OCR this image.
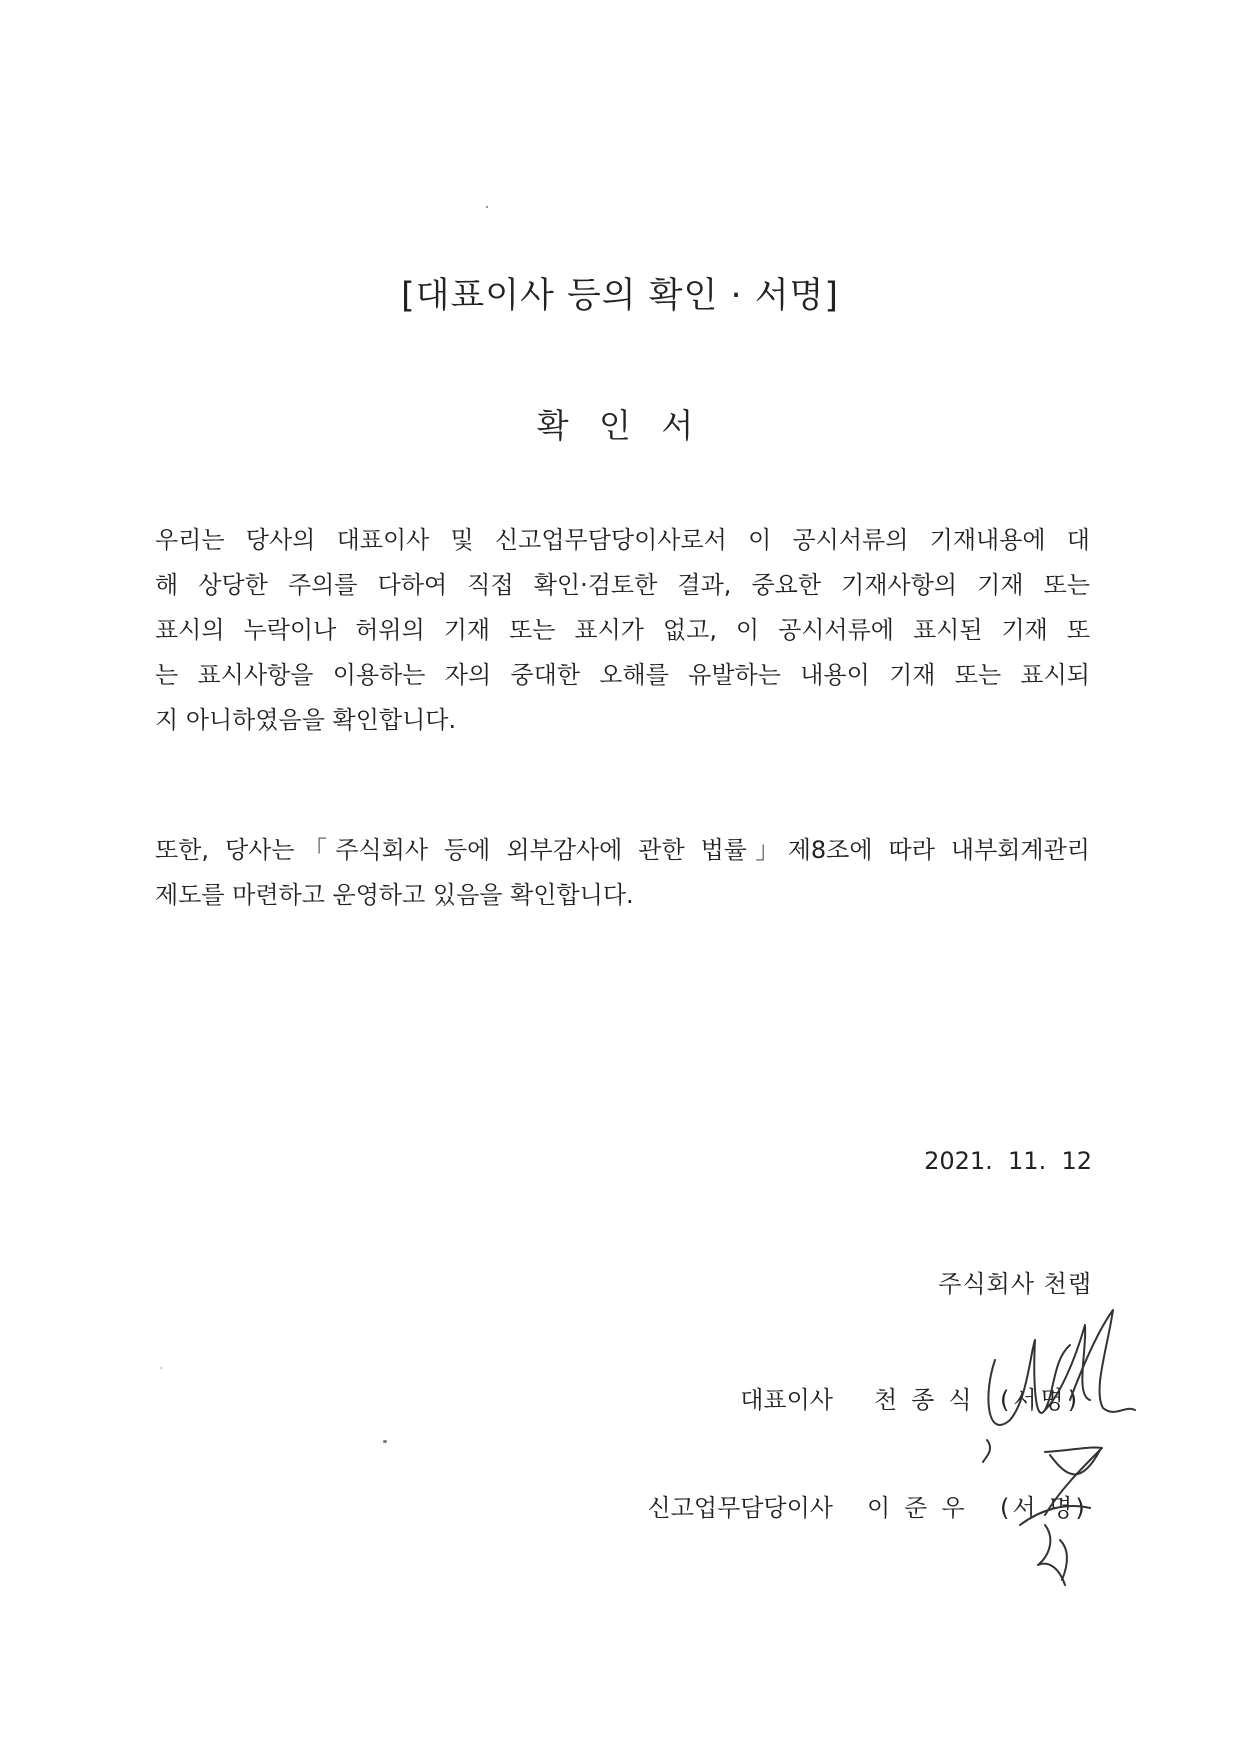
[대표이사 등의 확인 · 서명]
확 인 서
우리는 당사의 대표이사 및 신고업무담당이사로서 이 공시서류의 기재내용에 대
해 상당한 주의를 다하여 직접 확인·검토한 결과, 중요한 기재사항의 기재 또는
표시의 누락이나 허위의 기재 또는 표시가 없고, 이 공시서류에 표시된 기재 또
는 표시사항을 이용하는 자의 중대한 오해를 유발하는 내용이 기재 또는 표시되
지 아니하였음을 확인합니다.
또한, 당사는「주식회사 등에 외부감사에 관한 법률」제8조에 따라 내부회계관리
제도를 마련하고 운영하고 있음을 확인합니다.
2021.  11.  12
주식회사 천랩
대표이사 천종식 (서명)
신고업무담당이사 이준우 (서 명)
